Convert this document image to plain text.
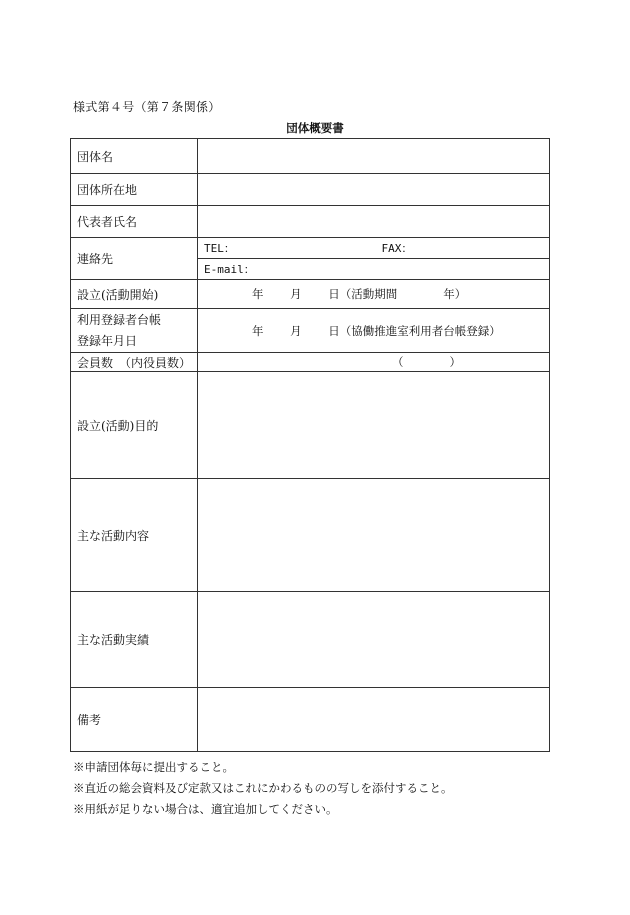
様式第４号（第７条関係）
団体概要書
団体名	
団体所在地	
代表者氏名	
連絡先	TEL： FAX：
	E-mail：
設立(活動開始)	年　　 月　　 日（活動期間　　　　年）

利用登録者台帳
登録年月日	年　　 月　　 日（協働推進室利用者台帳登録）
会員数　（内役員数）	（　　　　）
設立(活動)目的	
主な活動内容	
主な活動実績	
備考	
※申請団体毎に提出すること。
※直近の総会資料及び定款又はこれにかわるものの写しを添付すること。
※用紙が足りない場合は、適宜追加してください。
